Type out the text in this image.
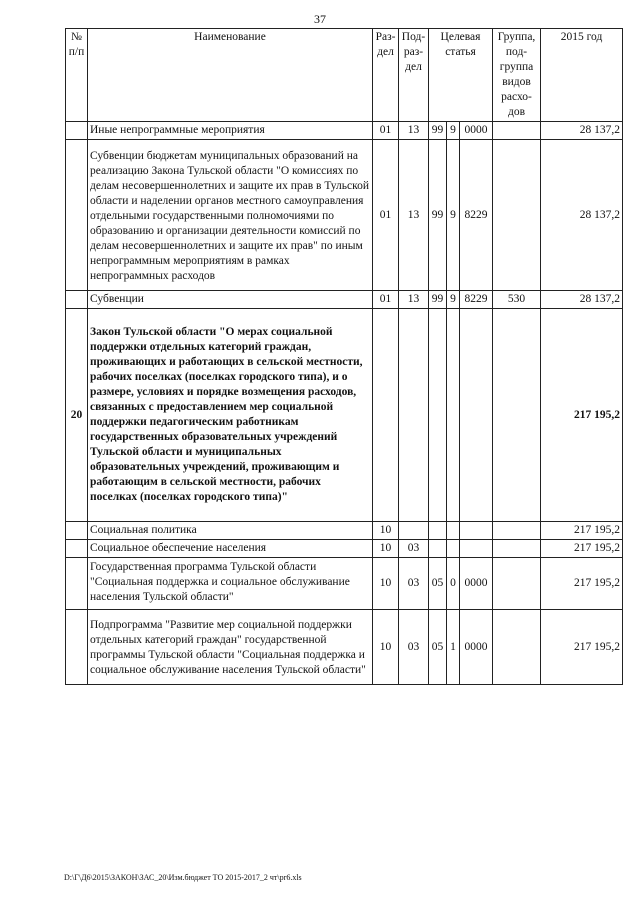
37
№ п/п	Наименование	Раз-дел	Под-раз-дел	Целевая статья			Группа, под-группа видов расхо-дов	2015 год
	Иные непрограммные мероприятия	01	13	99	9	0000		28 137,2
	Субвенции бюджетам муниципальных образований на реализацию Закона Тульской области "О комиссиях по делам несовершеннолетних и защите их прав в Тульской области и наделении органов местного самоуправления отдельными государственными полномочиями по образованию и организации деятельности комиссий по делам несовершеннолетних и защите их прав" по иным непрограммным мероприятиям в рамках непрограммных расходов	01	13	99	9	8229		28 137,2
	Субвенции	01	13	99	9	8229	530	28 137,2
20	Закон Тульской области "О мерах социальной поддержки отдельных категорий граждан, проживающих и работающих в сельской местности, рабочих поселках (поселках городского типа), и о размере, условиях и порядке возмещения расходов, связанных с предоставлением мер социальной поддержки педагогическим работникам государственных образовательных учреждений Тульской области и муниципальных образовательных учреждений, проживающим и работающим в сельской местности, рабочих поселках (поселках городского типа)"							217 195,2
	Социальная политика	10						217 195,2
	Социальное обеспечение населения	10	03					217 195,2
	Государственная программа Тульской области "Социальная поддержка и социальное обслуживание населения Тульской области"	10	03	05	0	0000		217 195,2
	Подпрограмма "Развитие мер социальной поддержки отдельных категорий граждан" государственной программы Тульской области "Социальная поддержка и социальное обслуживание населения Тульской области"	10	03	05	1	0000		217 195,2
D:\Г\Д6\2015\ЗАКОН\ЗАС_20\Изм.бюджет ТО 2015-2017_2 чт\pr6.xls
